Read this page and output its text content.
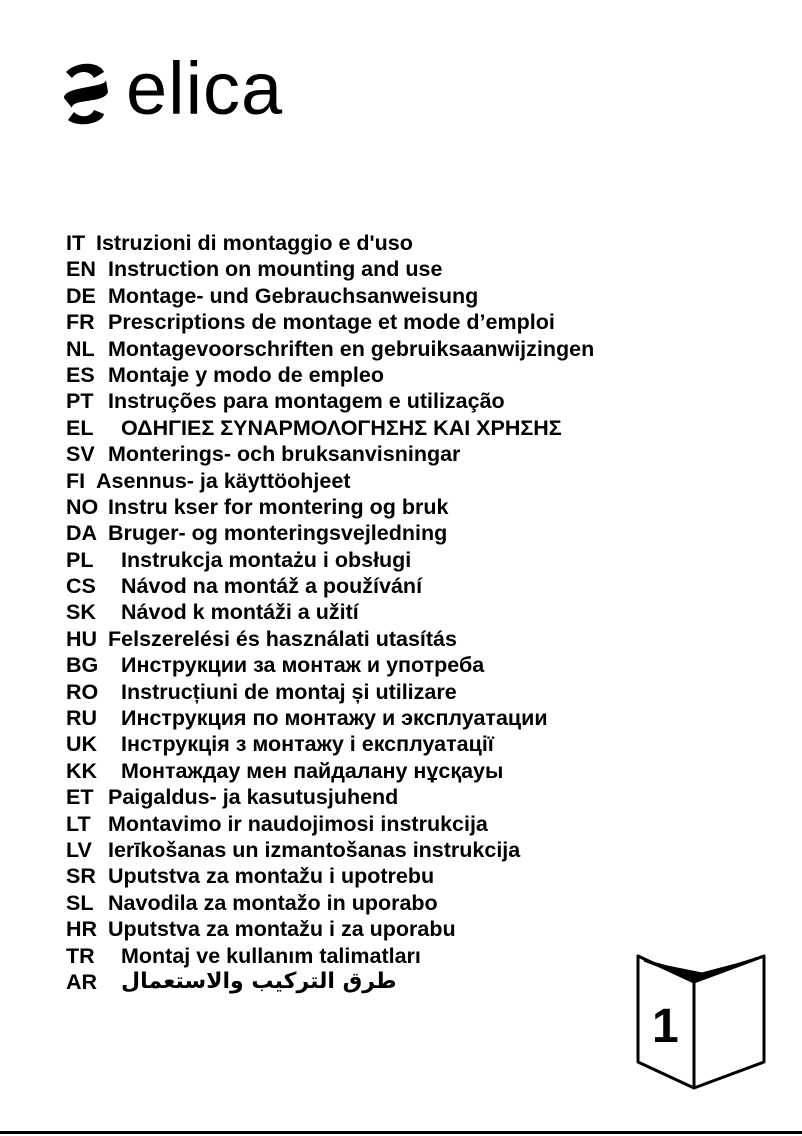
elica
IT Istruzioni di montaggio e d'uso
EN Instruction on mounting and use
DE Montage- und Gebrauchsanweisung
FR Prescriptions de montage et mode d’emploi
NL Montagevoorschriften en gebruiksaanwijzingen
ES Montaje y modo de empleo
PT Instruções para montagem e utilização
EL	ΟΔΗΓΙΕΣ ΣΥΝΑΡΜΟΛΟΓΗΣΗΣ ΚΑΙ ΧΡΗΣΗΣ
SV Monterings- och bruksanvisningar
FI Asennus- ja käyttöohjeet
NO Instru kser for montering og bruk
DA Bruger- og monteringsvejledning
PL	Instrukcja montażu i obsługi
CS	Návod na montáž a používání
SK	Návod k montáži a užití
HU Felszerelési és használati utasítás
BG	Инструкции за монтаж и употреба
RO	Instrucțiuni de montaj și utilizare
RU	Инструкция по монтажу и эксплуатации
UK	Інструкція з монтажу і експлуатації
KK	Монтаждау мен пайдалану нұсқауы
ET Paigaldus- ja kasutusjuhend
LT Montavimo ir naudojimosi instrukcija
LV Ierīkošanas un izmantošanas instrukcija
SR Uputstva za montažu i upotrebu
SL Navodila za montažo in uporabo
HR Uputstva za montažu i za uporabu
TR	Montaj ve kullanım talimatları
AR	طرق التركيب والاستعمال
1
